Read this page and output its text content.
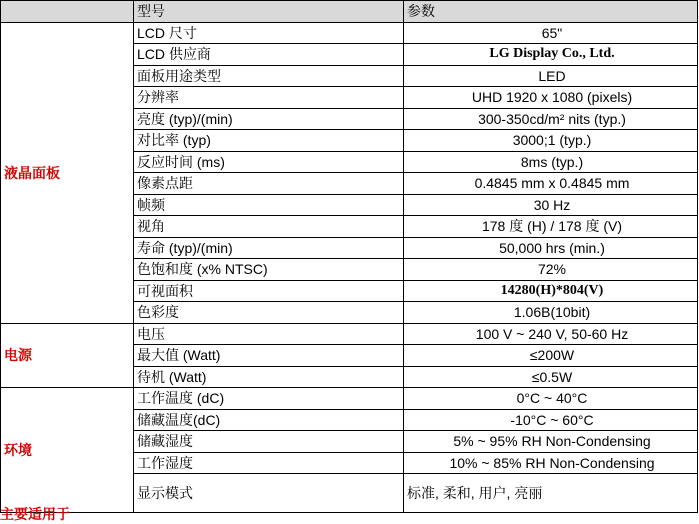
	型号	参数
液晶面板	LCD 尺寸	65"
	LCD 供应商	LG Display Co., Ltd.
	面板用途类型	LED
	分辨率	UHD 1920 x 1080 (pixels)
	亮度 (typ)/(min)	300-350cd/m² nits (typ.)
	对比率 (typ)	3000;1 (typ.)
	反应时间 (ms)	8ms (typ.)
	像素点距	0.4845 mm x 0.4845 mm
	帧频	30 Hz
	视角	178 度 (H) / 178 度 (V)
	寿命 (typ)/(min)	50,000 hrs (min.)
	色饱和度 (x% NTSC)	72%
	可视面积	14280(H)*804(V)
	色彩度	1.06B(10bit)
电源	电压	100 V ~ 240 V, 50-60 Hz
	最大值 (Watt)	≤200W
	待机 (Watt)	≤0.5W
环境	工作温度 (dC)	0°C ~ 40°C
	储藏温度(dC)	-10°C ~ 60°C
	储藏湿度	5% ~ 95% RH Non-Condensing
	工作湿度	10% ~ 85% RH Non-Condensing
	显示模式	标准, 柔和, 用户, 亮丽
主要适用于
